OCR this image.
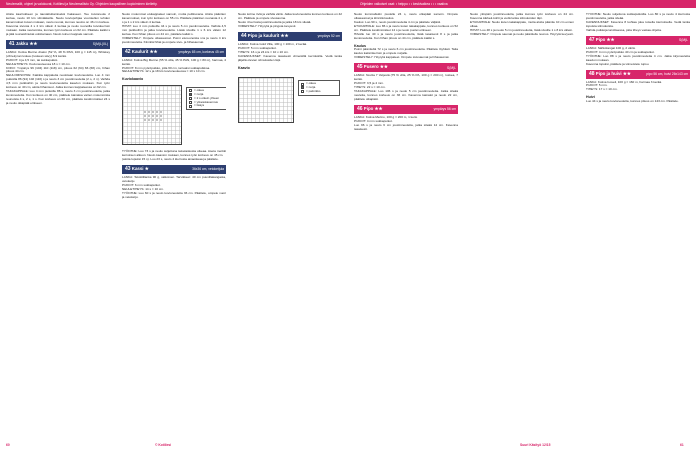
Neulemallit, ohjeet ja valokuvat, Kotiliesi ja Neulemallisto Oy. Ohjeiden kaupallinen kopioiminen kielletty.	Ohjeiden valkoiset osat: • helppo • • keskivaikea • • • vaativa

Aloita kaarrokkeen ja taustaliuttamiseksi hakaseen. Tee kuvioneule 2 kertaa, neulo 10 krs silmäkkeille. Neulo kuviopohjaa vuorotellen tehden kavennukset kuvan mukaan, neulo reunat, kunnes neulos on 46 cm korkea.

Kavenna sivusta 4 s 2 krs välein 4 kertaa ja neulo reunoilla kuviokerroin mukaan. Jatka neulomista, kunnes työn korkeus on 62 cm. Päättele kaikki s ja jätä reunasilmukat odottamaan. Neulo toinen kappale samoin.

41 Jakku ★★	S(M)L(XL)

LANKA: Kotiva Merino dralon (52 %, 48 % PAN, 100 g = 115 m), Whiskey (vihreä) tai ruskea (ruskean sävy) 8-9 kerää.

PUIKOT: 4 ja 4,5 mm, tai sukkapuikot.

NEULETIHEYS: Kuvioneuleessa 18 s = 10 cm.

KOKO: Ympärys 96 (104) 110 (118) cm, pituus 62 (64) 66 (68) cm, hihan pituus 44 cm.

NEULOMISOHJE: Kaikkia kappaleita neulotaan kuvioneuletta. Luo 4 mm puikoilla 86 (94) 102 (110) s ja neulo 3 cm joustinneuletta (2 o, 2 n). Vaihda 4,5 mm puikkoihin ja neulo kuvioneuletta kaavion mukaan. Kun työn korkeus on 40 cm, aloita hihansuut. Jatka kunnes kappaleessa on 62 cm.

TAKAKAPPALE: Luo 4 mm puikoille 86 s, neulo 3 cm joustinneuletta, jatka kuvioneuletta. Kun korkeus on 40 cm, päättele kainaloa varten molemmista reunoista 4 s, 2 s, 1 s. Kun korkeus on 60 cm, päättele keskimmäiset 24 s ja neulo olkapäät erikseen.

Neulo molemmat etukappaleet samoin, mutta peilikuvana. Aloita pääntien kavennukset, kun työn korkeus on 55 cm. Päättele pääntien reunasta 4 s, 2 s ja 1 s 2 krs välein 4 kertaa.

HIHAT: Luo 4 mm puikoille 44 s ja neulo 5 cm joustinneuletta. Vaihda 4,5 mm puikkoihin ja jatka kuvioneuletta. Lisää sivuille 1 s 6 krs välein 12 kertaa. Kun hihan pituus on 44 cm, päättele kaikki s.

VIIMEISTELY: Ompele olkasaumat. Poimi etureunoista s:ia ja neulo 4 krs joustinneuletta. Kiinnitä hihat ja ompele sivu- ja hihasaumat.

42 Kaulurit ★★	ympärys 65 cm, korkeus 45 cm

LANKA: Kotiva Big Merino (55 % villa, 45 % PAN, 100 g = 80 m), harmaa, 4 kerää.

PUIKOT: 8 mm pyöröpuikko, jolla 60 cm, tai kaksi sukkapuikkoa.

NEULETIHEYS: 12 s ja 18 krs kuvioneuleessa = 10 x 10 cm.

Kuviokaavio
= oikea
= nurja
= 2 s oikein yhteen
= ylivetokavennus
= lisäys

TYÖOHJE: Luo 73 s ja neulo suljettuna taivelaskosta oikeaa. Aseta merkki kerroksen alkuun. Neulo kaavion mukaan, kunnes työn korkeus on 45 cm.

(aloita lopuksi 15 s). Luo 23 s, neulo 4 kierrosta ainaoikeaa ja päättele.

43 Kassi ★	36x36 cm, vetoketjula

LANKA: Tekstiililanka 90 g, valkoinen. Tarvikkeet: 40 cm puuvillakangasta, vetoketju.

PUIKOT: 6 mm sukkapuikot.

NEULETIHEYS: 14 s = 10 cm.

TYÖOHJE: Luo 60 s ja neulo kuvioneuletta 36 cm. Päättele, ompele vuori ja vetoketju.

Neulo kolme riviä ja vaihda väriä. Jatka kuvioneuletta kunnes korkeus on 42 cm. Päättele ja ompele sivusauma.

Neulo 4 kerrosta joustinneuletta ja jatka 18 krs sileää.

VIIMEISTELY: Höyrytä ja pingota kevyesti.

44 Pipo ja kaulurit ★★	ympärys 52 cm

LANKA: Kotiva Gold Villa, 100 g = 100 m, 2 kerää.

PUIKOT: 5 mm sukkapuikot.

TIHEYS: 16 s ja 24 krs = 10 x 10 cm.

KAVENNUKSET: Kavenna tasaisesti viimeisillä kerroksilla. Vedä lanka jäljellä olevien silmukoiden läpi.

Kaavio
= oikea
= nurja
= palmikko

Neulo kummallekin puolelle 24 s, neulo olkapäät samoin. Ompele olkasaumat ja kiinnitä kaulus.

Kaulus: Luo 90 s, neulo joustinneuletta 4 cm ja päättele väljästi.

ETUKAPPALE: Luo 86 s ja neulo kuten takakappale, kunnes korkeus on 52 cm. Päättele keskimmäiset 14 s ja neulo puolet erikseen.

Hihoille luo 40 s ja neulo joustinneuletta, lisää tasaisesti 8 s ja jatka kuvioneuletta. Kun hihan pituus on 44 cm, päättele kaikki s.

Kaulus

Poimi pääntieltä 72 s ja neulo 6 cm joustinneuletta. Päättele löyhästi. Taita kaulus kaksinkerroin ja ompele nurjalle.

VIIMEISTELY: Höyrytä kappaleet. Ompele sivusaumat ja hihasaumat.

45 Pusero ★★	S(M)L

LANKA: Novita 7 Veljestä (75 % villa, 25 % PA, 100 g = 200 m), ruskea, 7 kerää.

PUIKOT: 3,5 ja 4 mm.

TIHEYS: 22 s = 10 cm.

TAKAKAPPALE: Luo 106 s ja neulo 5 cm joustinneuletta. Jatka sileää neuletta, kunnes korkeus on 36 cm. Kavenna kainalot ja neulo 22 cm, päättele olkapäät.

46 Pipo ★★	ympärys 56 cm

LANKA: Kotiva Merino, 100 g = 200 m, 1 kerä.

PUIKOT: 4 mm sukkapuikot.

Luo 96 s ja neulo 6 cm joustinneuletta, jatka sileää 14 cm. Kavenna tasaisesti.

Neulo ylöspäin joustinneuletta, jatka kunnes työn korkeus on 24 cm. Kavenna kärkeä kohti ja vedä lanka silmukoiden läpi.

ETUKAPPALE: Neulo kuten takakappale, mutta aloita pääntie 10 cm ennen olkaa.

HIHAT: Luo 48 s ja neulo 5 cm joustinneuletta, lisää sivuille 1 s 8 krs välein.

VIIMEISTELY: Ompele saumat ja neulo pääntielle reunus. Höyrytä kevyesti.

TYÖOHJE: Neulo suljettuna sukkapuikoilla. Luo 80 s ja neulo 4 kierrosta joustinneuletta, jatka sileää.

KAVENNUKSET: Kavenna 8 kohtaa joka toisella kierroksella. Vedä lanka lopuista silmukoista.

Vaihda puikkoja tarvittaessa, jotta tiheys vastaa ohjetta.

47 Pipo ★★	S(M)L

LANKA: Sähkölangat 100 g, 2 väriä.

PUIKOT: 4 mm pyöröpuikko 40 cm ja sukkapuikot.

TYÖOHJE: Luo 88 s ja neulo joustinneuletta 4 cm. Jatka kirjoneuletta kaavion mukaan.

Kavenna lopuksi, päättele ja viimeistele tupsu.

48 Pipo ja huivi ★★	pipo 56 cm, huivi 26x143 cm

LANKA: Kotiva Isoveli, 100 g = 160 m, harmaa 3 kerää.

PUIKOT: 5 mm.

TIHEYS: 17 s = 10 cm.

Huivi

Luo 44 s ja neulo kuvioneuletta, kunnes pituus on 143 cm. Päättele.

60	© Kotiliesi	Suuri Käsityö 12/15	61
